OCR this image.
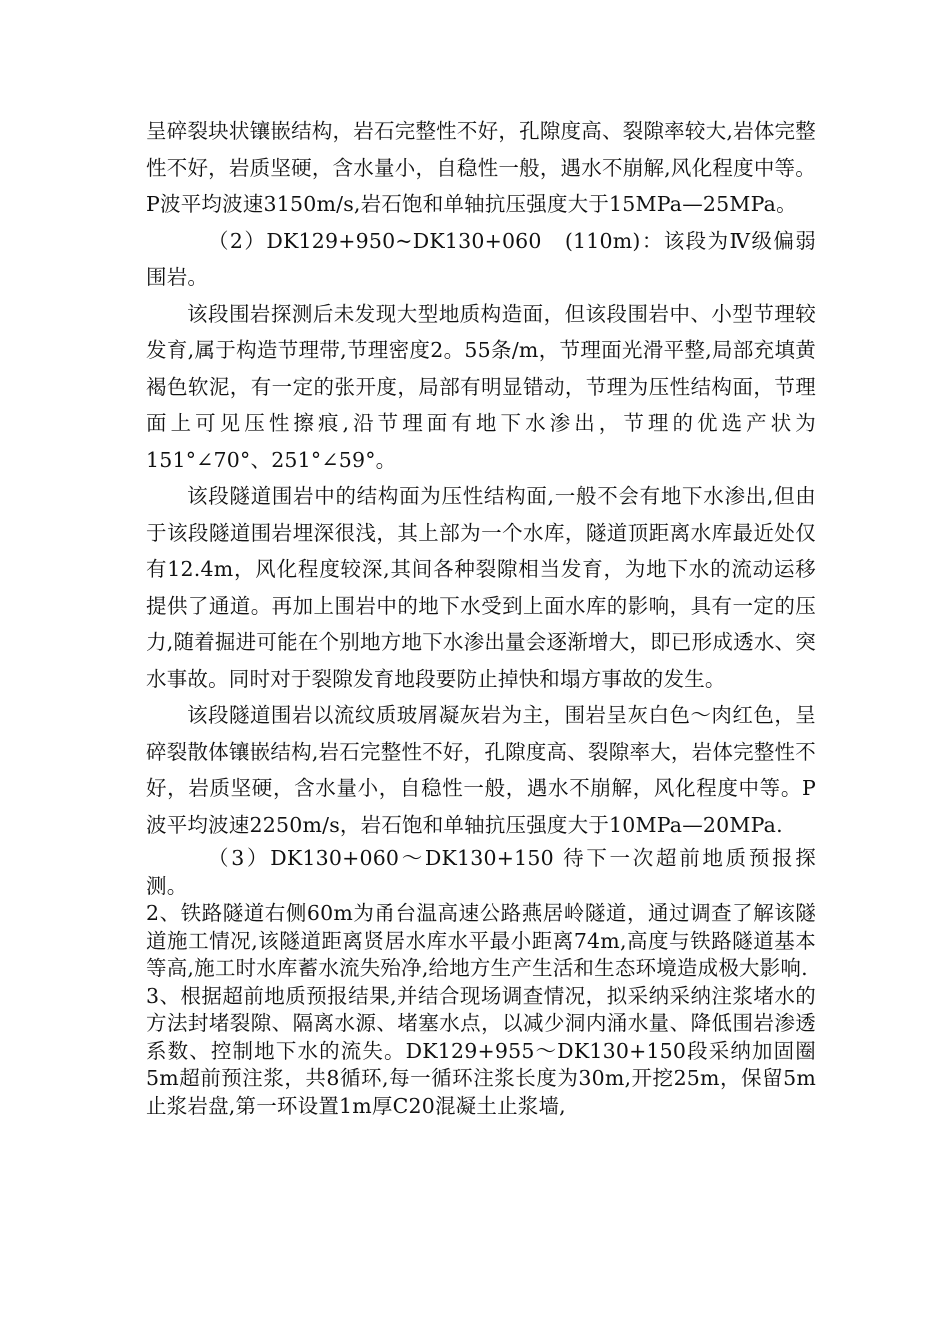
呈碎裂块状镶嵌结构，岩石完整性不好，孔隙度高、裂隙率较大,岩体完整性不好，岩质坚硬，含水量小，自稳性一般，遇水不崩解,风化程度中等。P波平均波速3150m/s,岩石饱和单轴抗压强度大于15MPa—25MPa。

（2）DK129+950~DK130+060　(110m)：该段为Ⅳ级偏弱围岩。

该段围岩探测后未发现大型地质构造面，但该段围岩中、小型节理较发育,属于构造节理带,节理密度2。55条/m，节理面光滑平整,局部充填黄褐色软泥，有一定的张开度，局部有明显错动，节理为压性结构面，节理面上可见压性擦痕,沿节理面有地下水渗出，节理的优选产状为151°∠70°、251°∠59°。

该段隧道围岩中的结构面为压性结构面,一般不会有地下水渗出,但由于该段隧道围岩埋深很浅，其上部为一个水库，隧道顶距离水库最近处仅有12.4m，风化程度较深,其间各种裂隙相当发育，为地下水的流动运移提供了通道。再加上围岩中的地下水受到上面水库的影响，具有一定的压力,随着掘进可能在个别地方地下水渗出量会逐渐增大，即已形成透水、突水事故。同时对于裂隙发育地段要防止掉快和塌方事故的发生。

该段隧道围岩以流纹质玻屑凝灰岩为主，围岩呈灰白色～肉红色，呈碎裂散体镶嵌结构,岩石完整性不好，孔隙度高、裂隙率大，岩体完整性不好，岩质坚硬，含水量小，自稳性一般，遇水不崩解，风化程度中等。P波平均波速2250m/s，岩石饱和单轴抗压强度大于10MPa—20MPa.

（3）DK130+060～DK130+150 待下一次超前地质预报探测。

2、铁路隧道右侧60m为甬台温高速公路燕居岭隧道，通过调查了解该隧道施工情况,该隧道距离贤居水库水平最小距离74m,高度与铁路隧道基本等高,施工时水库蓄水流失殆净,给地方生产生活和生态环境造成极大影响.

3、根据超前地质预报结果,并结合现场调查情况，拟采纳采纳注浆堵水的方法封堵裂隙、隔离水源、堵塞水点，以减少洞内涌水量、降低围岩渗透系数、控制地下水的流失。DK129+955～DK130+150段采纳加固圈5m超前预注浆，共8循环,每一循环注浆长度为30m,开挖25m，保留5m止浆岩盘,第一环设置1m厚C20混凝土止浆墙,
